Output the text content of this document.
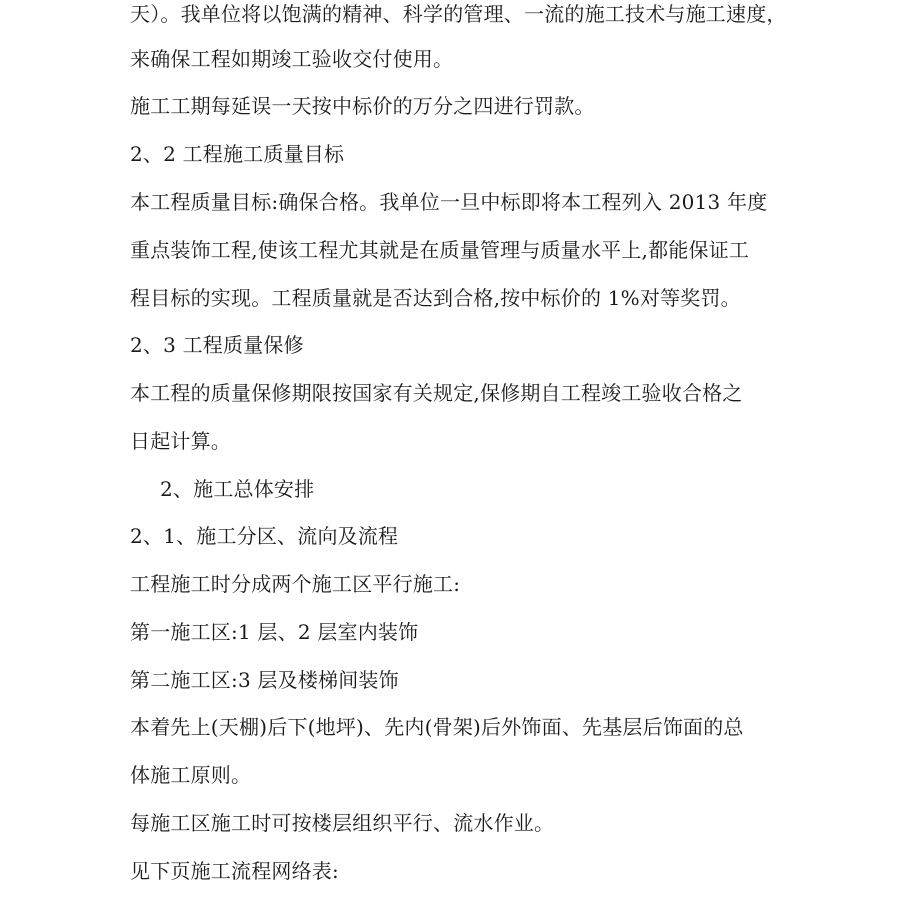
天）。我单位将以饱满的精神、科学的管理、一流的施工技术与施工速度，
来确保工程如期竣工验收交付使用。
施工工期每延误一天按中标价的万分之四进行罚款。
2、2 工程施工质量目标
本工程质量目标:确保合格。我单位一旦中标即将本工程列入 2013 年度
重点装饰工程,使该工程尤其就是在质量管理与质量水平上,都能保证工
程目标的实现。工程质量就是否达到合格,按中标价的 1%对等奖罚。
2、3 工程质量保修
本工程的质量保修期限按国家有关规定,保修期自工程竣工验收合格之
日起计算。
2、施工总体安排
2、1、施工分区、流向及流程
工程施工时分成两个施工区平行施工:
第一施工区:1 层、2 层室内装饰
第二施工区:3 层及楼梯间装饰
本着先上(天棚)后下(地坪)、先内(骨架)后外饰面、先基层后饰面的总
体施工原则。
每施工区施工时可按楼层组织平行、流水作业。
见下页施工流程网络表:
